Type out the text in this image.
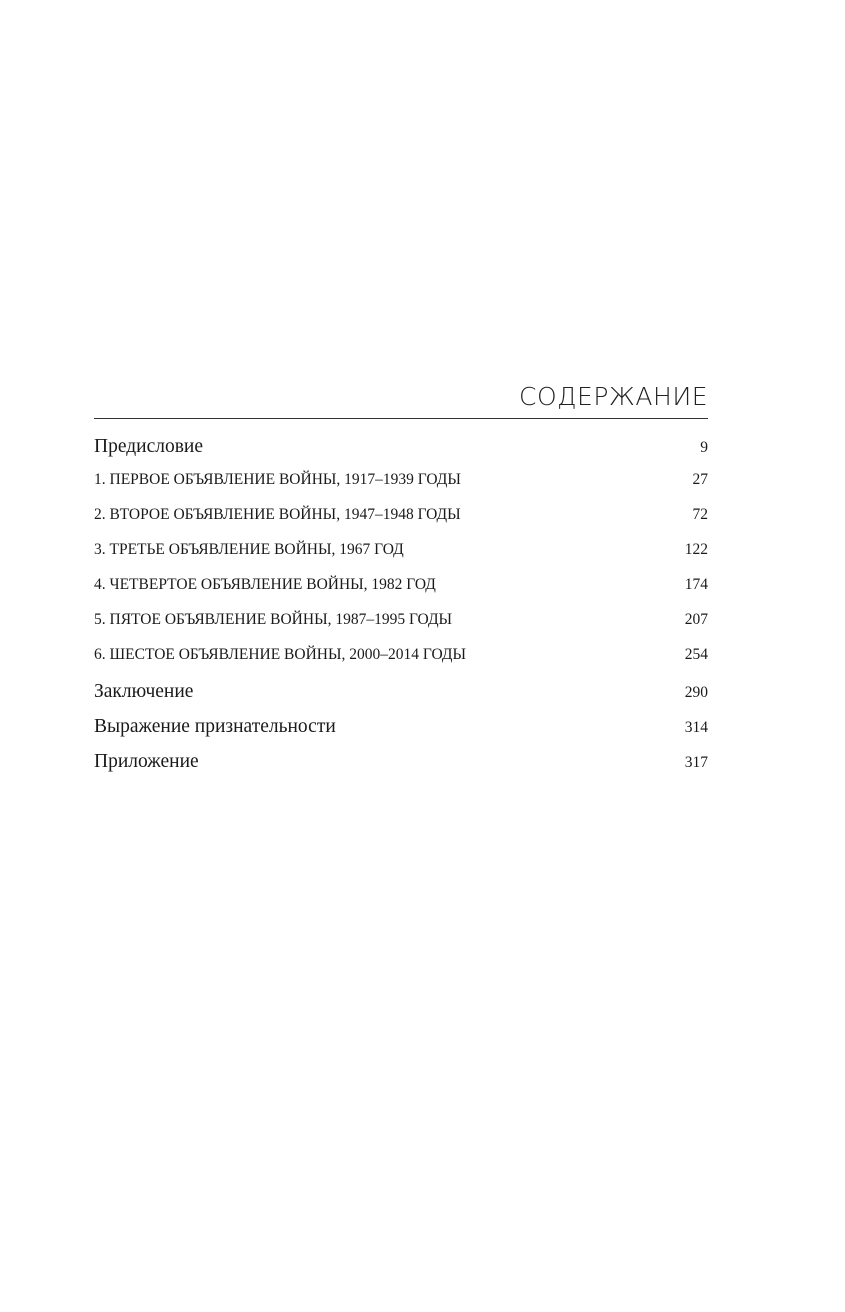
СОДЕРЖАНИЕ
Предисловие	9
1. ПЕРВОЕ ОБЪЯВЛЕНИЕ ВОЙНЫ, 1917–1939 ГОДЫ	27
2. ВТОРОЕ ОБЪЯВЛЕНИЕ ВОЙНЫ, 1947–1948 ГОДЫ	72
3. ТРЕТЬЕ ОБЪЯВЛЕНИЕ ВОЙНЫ, 1967 ГОД	122
4. ЧЕТВЕРТОЕ ОБЪЯВЛЕНИЕ ВОЙНЫ, 1982 ГОД	174
5. ПЯТОЕ ОБЪЯВЛЕНИЕ ВОЙНЫ, 1987–1995 ГОДЫ	207
6. ШЕСТОЕ ОБЪЯВЛЕНИЕ ВОЙНЫ, 2000–2014 ГОДЫ	254
Заключение	290
Выражение признательности	314
Приложение	317
